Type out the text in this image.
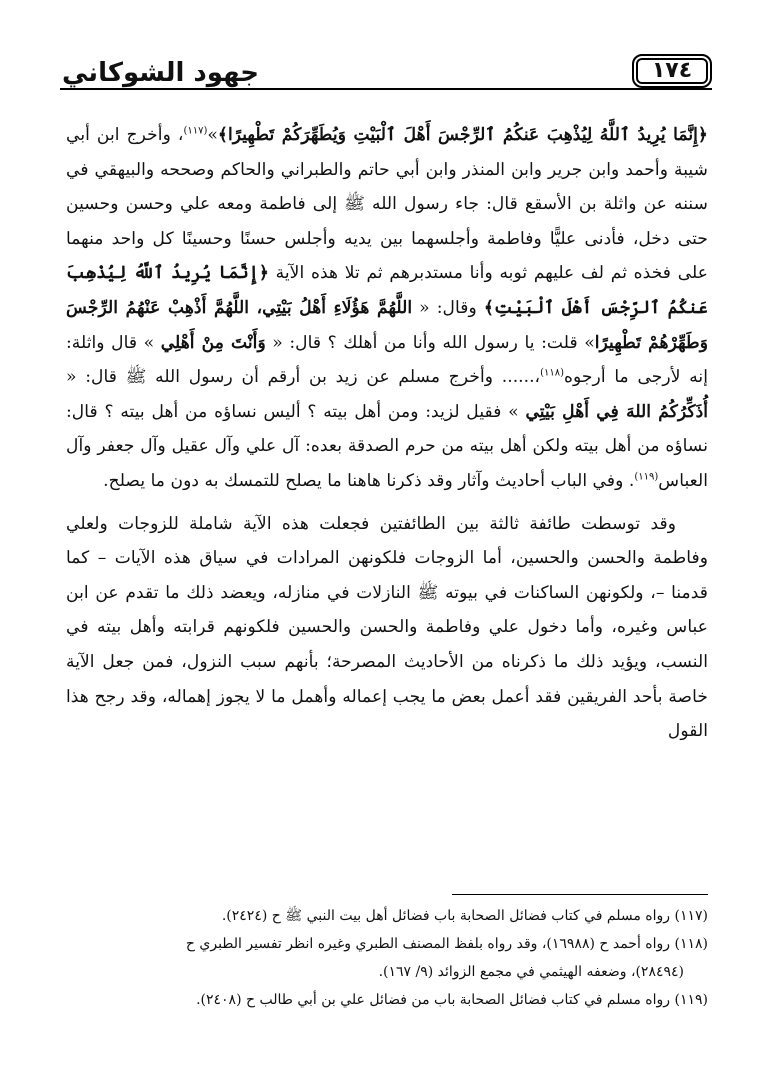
١٧٤
جهود الشوكاني

﴿إِنَّمَا يُرِيدُ ٱللَّهُ لِيُذْهِبَ عَنكُمُ ٱلرِّجْسَ أَهْلَ ٱلْبَيْتِ وَيُطَهِّرَكُمْ تَطْهِيرًا﴾»$^{(١١٧)}$، وأخرج ابن أبي شيبة وأحمد وابن جرير وابن المنذر وابن أبي حاتم والطبراني والحاكم وصححه والبيهقي في سننه عن واثلة بن الأسقع قال: جاء رسول الله ﷺ إلى فاطمة ومعه علي وحسن وحسين حتى دخل، فأدنى عليًّا وفاطمة وأجلسهما بين يديه وأجلس حسنًا وحسينًا كل واحد منهما على فخذه ثم لف عليهم ثوبه وأنا مستدبرهم ثم تلا هذه الآية ﴿إِنَّمَا يُرِيدُ ٱللَّهُ لِيُذْهِبَ عَنكُمُ ٱلرِّجْسَ أَهْلَ ٱلْبَيْتِ﴾ وقال: « اللَّهُمَّ هَؤُلَاءِ أَهْلُ بَيْتِي، اللَّهُمَّ أَذْهِبْ عَنْهُمُ الرِّجْسَ وَطَهِّرْهُمْ تَطْهِيرًا» قلت: يا رسول الله وأنا من أهلك ؟ قال: « وَأَنْتَ مِنْ أَهْلِي » قال واثلة: إنه لأرجى ما أرجوه$^{(١١٨)}$،...... وأخرج مسلم عن زيد بن أرقم أن رسول الله ﷺ قال: « أُذَكِّرُكُمُ اللهَ فِي أَهْلِ بَيْتِي » فقيل لزيد: ومن أهل بيته ؟ أليس نساؤه من أهل بيته ؟ قال: نساؤه من أهل بيته ولكن أهل بيته من حرم الصدقة بعده: آل علي وآل عقيل وآل جعفر وآل العباس$^{(١١٩)}$. وفي الباب أحاديث وآثار وقد ذكرنا هاهنا ما يصلح للتمسك به دون ما يصلح.

وقد توسطت طائفة ثالثة بين الطائفتين فجعلت هذه الآية شاملة للزوجات ولعلي وفاطمة والحسن والحسين، أما الزوجات فلكونهن المرادات في سياق هذه الآيات – كما قدمنا –، ولكونهن الساكنات في بيوته ﷺ النازلات في منازله، ويعضد ذلك ما تقدم عن ابن عباس وغيره، وأما دخول علي وفاطمة والحسن والحسين فلكونهم قرابته وأهل بيته في النسب، ويؤيد ذلك ما ذكرناه من الأحاديث المصرحة؛ بأنهم سبب النزول، فمن جعل الآية خاصة بأحد الفريقين فقد أعمل بعض ما يجب إعماله وأهمل ما لا يجوز إهماله، وقد رجح هذا القول

(١١٧) رواه مسلم في كتاب فضائل الصحابة باب فضائل أهل بيت النبي ﷺ ح (٢٤٢٤).

(١١٨) رواه أحمد ح (١٦٩٨٨)، وقد رواه بلفظ المصنف الطبري وغيره انظر تفسير الطبري ح

(٢٨٤٩٤)، وضعفه الهيثمي في مجمع الزوائد (٩/ ١٦٧).

(١١٩) رواه مسلم في كتاب فضائل الصحابة باب من فضائل علي بن أبي طالب ح (٢٤٠٨).
